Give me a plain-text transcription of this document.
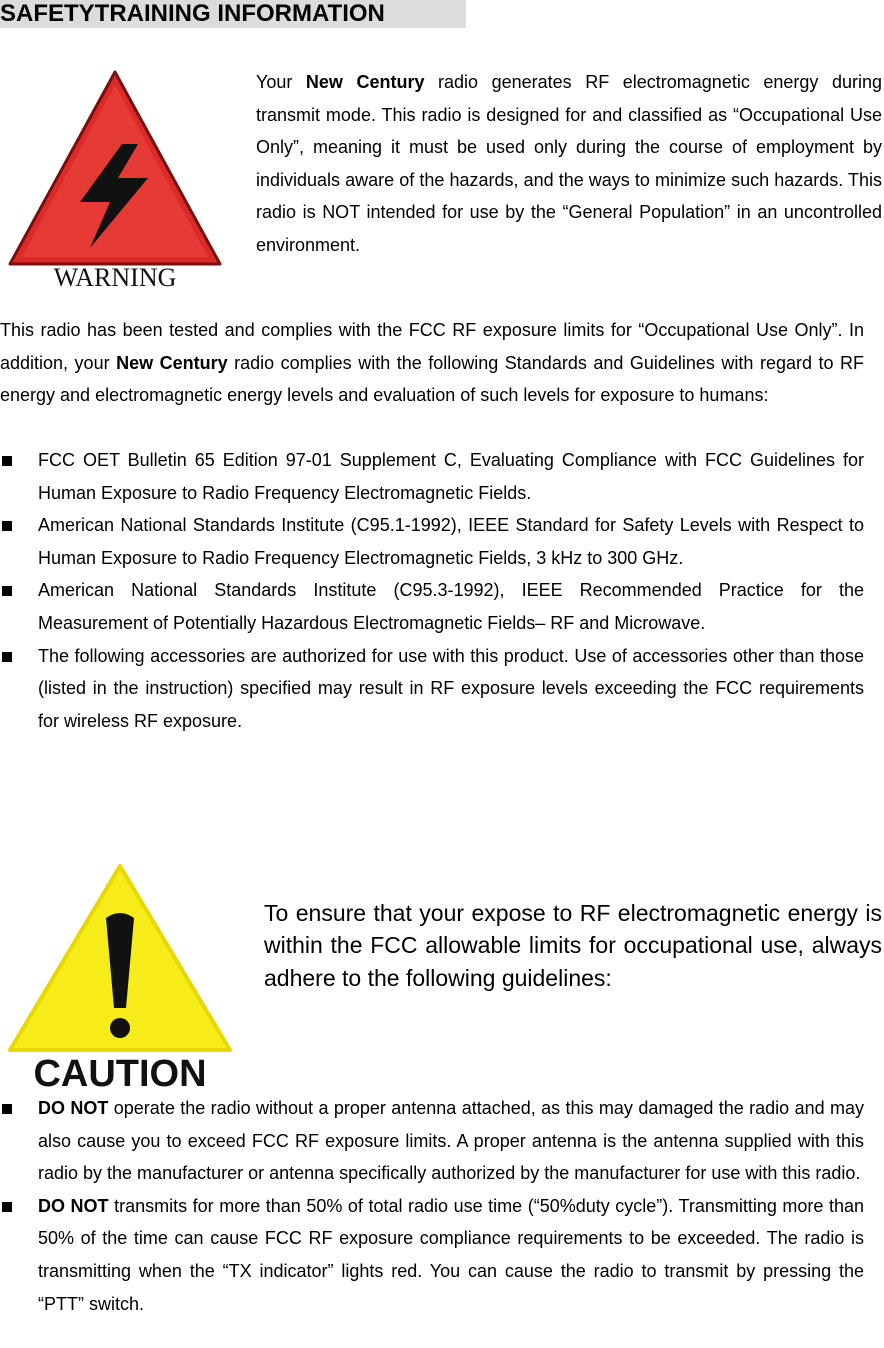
SAFETYTRAINING INFORMATION
WARNING
Your New Century radio generates RF electromagnetic energy during transmit mode. This radio is designed for and classified as “Occupational Use Only”, meaning it must be used only during the course of employment by individuals aware of the hazards, and the ways to minimize such hazards. This radio is NOT intended for use by the “General Population” in an uncontrolled environment.
This radio has been tested and complies with the FCC RF exposure limits for “Occupational Use Only”. In addition, your New Century radio complies with the following Standards and Guidelines with regard to RF energy and electromagnetic energy levels and evaluation of such levels for exposure to humans:
FCC OET Bulletin 65 Edition 97-01 Supplement C, Evaluating Compliance with FCC Guidelines for Human Exposure to Radio Frequency Electromagnetic Fields.
American National Standards Institute (C95.1-1992), IEEE Standard for Safety Levels with Respect to Human Exposure to Radio Frequency Electromagnetic Fields, 3 kHz to 300 GHz.
American National Standards Institute (C95.3-1992), IEEE Recommended Practice for the Measurement of Potentially Hazardous Electromagnetic Fields– RF and Microwave.
The following accessories are authorized for use with this product. Use of accessories other than those (listed in the instruction) specified may result in RF exposure levels exceeding the FCC requirements for wireless RF exposure.
CAUTION
To ensure that your expose to RF electromagnetic energy is within the FCC allowable limits for occupational use, always adhere to the following guidelines:
DO NOT operate the radio without a proper antenna attached, as this may damaged the radio and may also cause you to exceed FCC RF exposure limits. A proper antenna is the antenna supplied with this radio by the manufacturer or antenna specifically authorized by the manufacturer for use with this radio.
DO NOT transmits for more than 50% of total radio use time (“50%duty cycle”). Transmitting more than 50% of the time can cause FCC RF exposure compliance requirements to be exceeded. The radio is transmitting when the “TX indicator” lights red. You can cause the radio to transmit by pressing the “PTT” switch.
